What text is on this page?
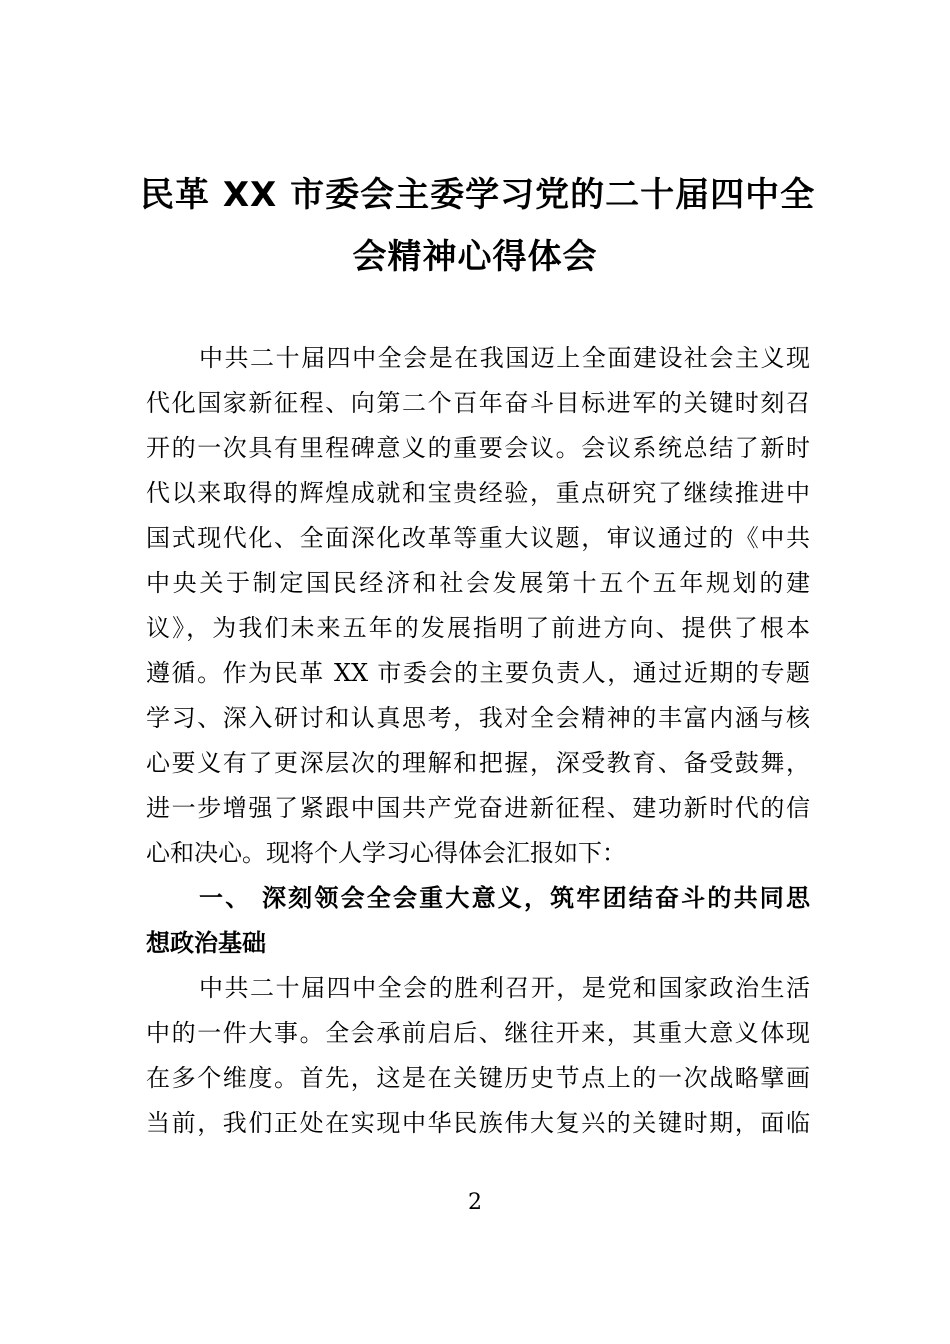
民革 XX 市委会主委学习党的二十届四中全
会精神心得体会
中共二十届四中全会是在我国迈上全面建设社会主义现
代化国家新征程、向第二个百年奋斗目标进军的关键时刻召
开的一次具有里程碑意义的重要会议。会议系统总结了新时
代以来取得的辉煌成就和宝贵经验，重点研究了继续推进中
国式现代化、全面深化改革等重大议题，审议通过的《中共
中央关于制定国民经济和社会发展第十五个五年规划的建
议》，为我们未来五年的发展指明了前进方向、提供了根本
遵循。作为民革 XX 市委会的主要负责人，通过近期的专题
学习、深入研讨和认真思考，我对全会精神的丰富内涵与核
心要义有了更深层次的理解和把握，深受教育、备受鼓舞，
进一步增强了紧跟中国共产党奋进新征程、建功新时代的信
心和决心。现将个人学习心得体会汇报如下：
一、 深刻领会全会重大意义，筑牢团结奋斗的共同思
想政治基础
中共二十届四中全会的胜利召开，是党和国家政治生活
中的一件大事。全会承前启后、继往开来，其重大意义体现
在多个维度。首先，这是在关键历史节点上的一次战略擘画
当前，我们正处在实现中华民族伟大复兴的关键时期，面临
2
